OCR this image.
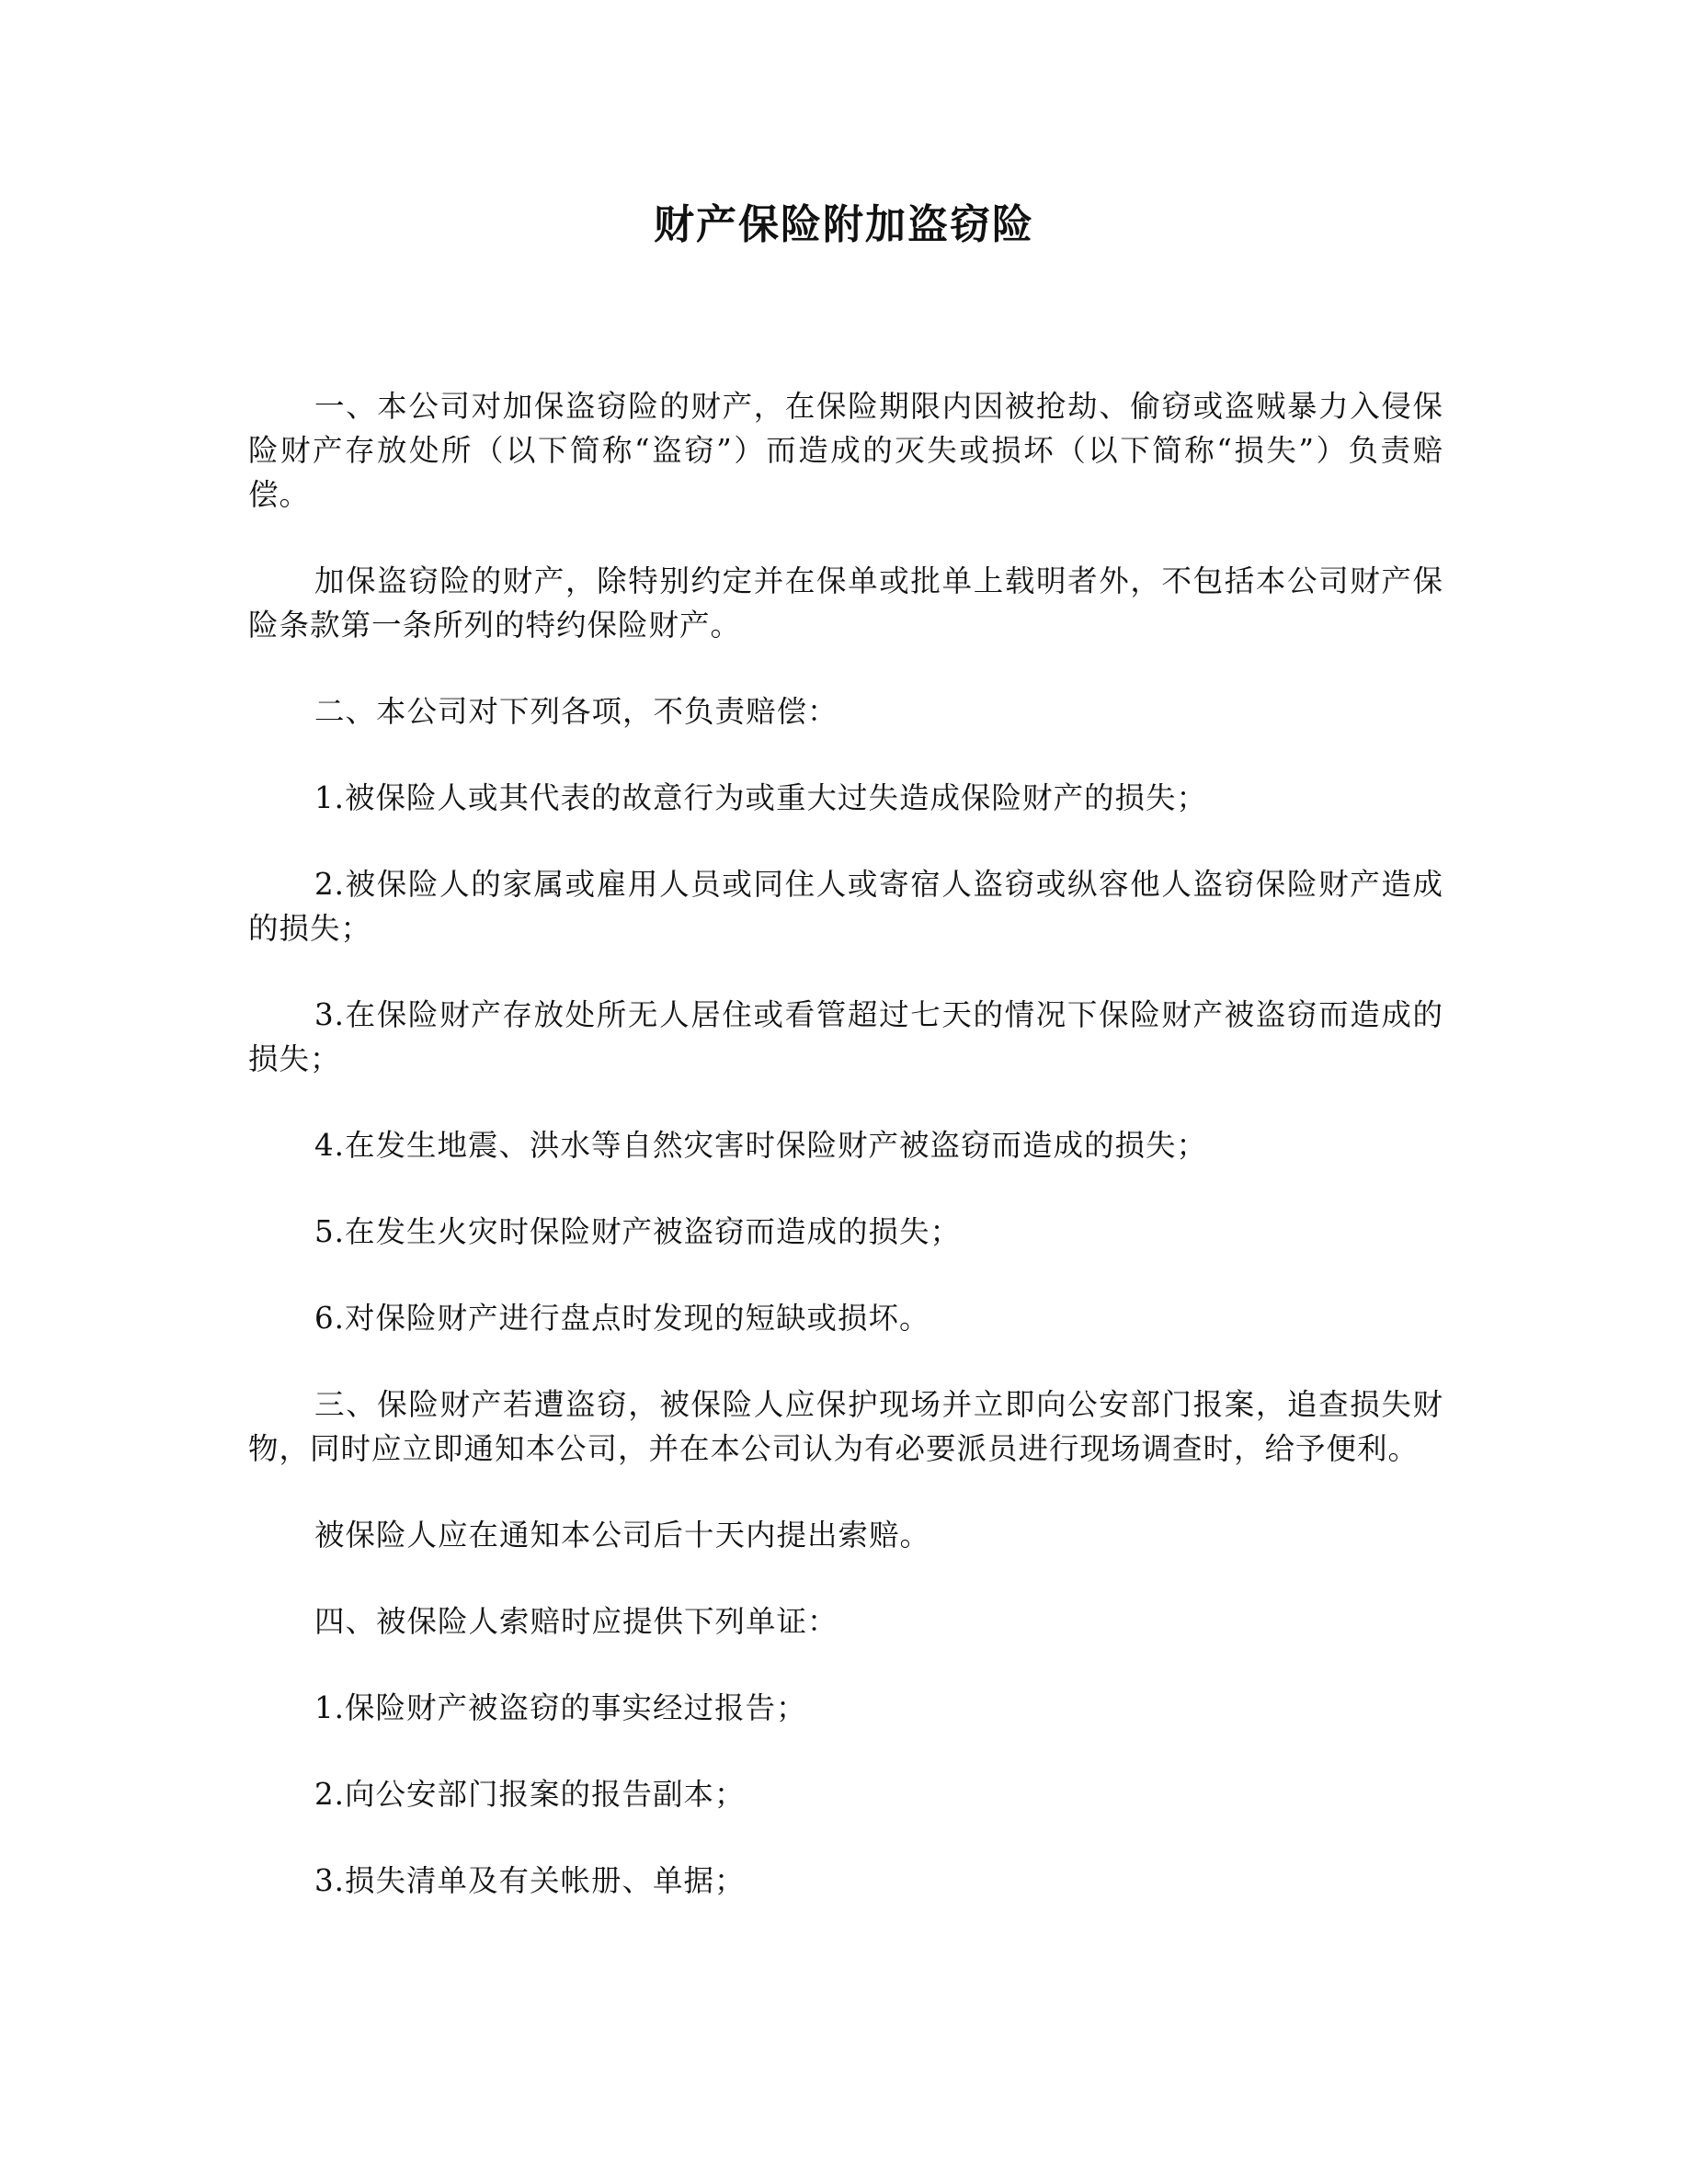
财产保险附加盗窃险

一、本公司对加保盗窃险的财产，在保险期限内因被抢劫、偷窃或盗贼暴力入侵保险财产存放处所（以下简称“盗窃”）而造成的灭失或损坏（以下简称“损失”）负责赔偿。

加保盗窃险的财产，除特别约定并在保单或批单上载明者外，不包括本公司财产保险条款第一条所列的特约保险财产。

二、本公司对下列各项，不负责赔偿：

1.被保险人或其代表的故意行为或重大过失造成保险财产的损失；

2.被保险人的家属或雇用人员或同住人或寄宿人盗窃或纵容他人盗窃保险财产造成的损失；

3.在保险财产存放处所无人居住或看管超过七天的情况下保险财产被盗窃而造成的损失；

4.在发生地震、洪水等自然灾害时保险财产被盗窃而造成的损失；

5.在发生火灾时保险财产被盗窃而造成的损失；

6.对保险财产进行盘点时发现的短缺或损坏。

三、保险财产若遭盗窃，被保险人应保护现场并立即向公安部门报案，追查损失财物，同时应立即通知本公司，并在本公司认为有必要派员进行现场调查时，给予便利。

被保险人应在通知本公司后十天内提出索赔。

四、被保险人索赔时应提供下列单证：

1.保险财产被盗窃的事实经过报告；

2.向公安部门报案的报告副本；

3.损失清单及有关帐册、单据；
